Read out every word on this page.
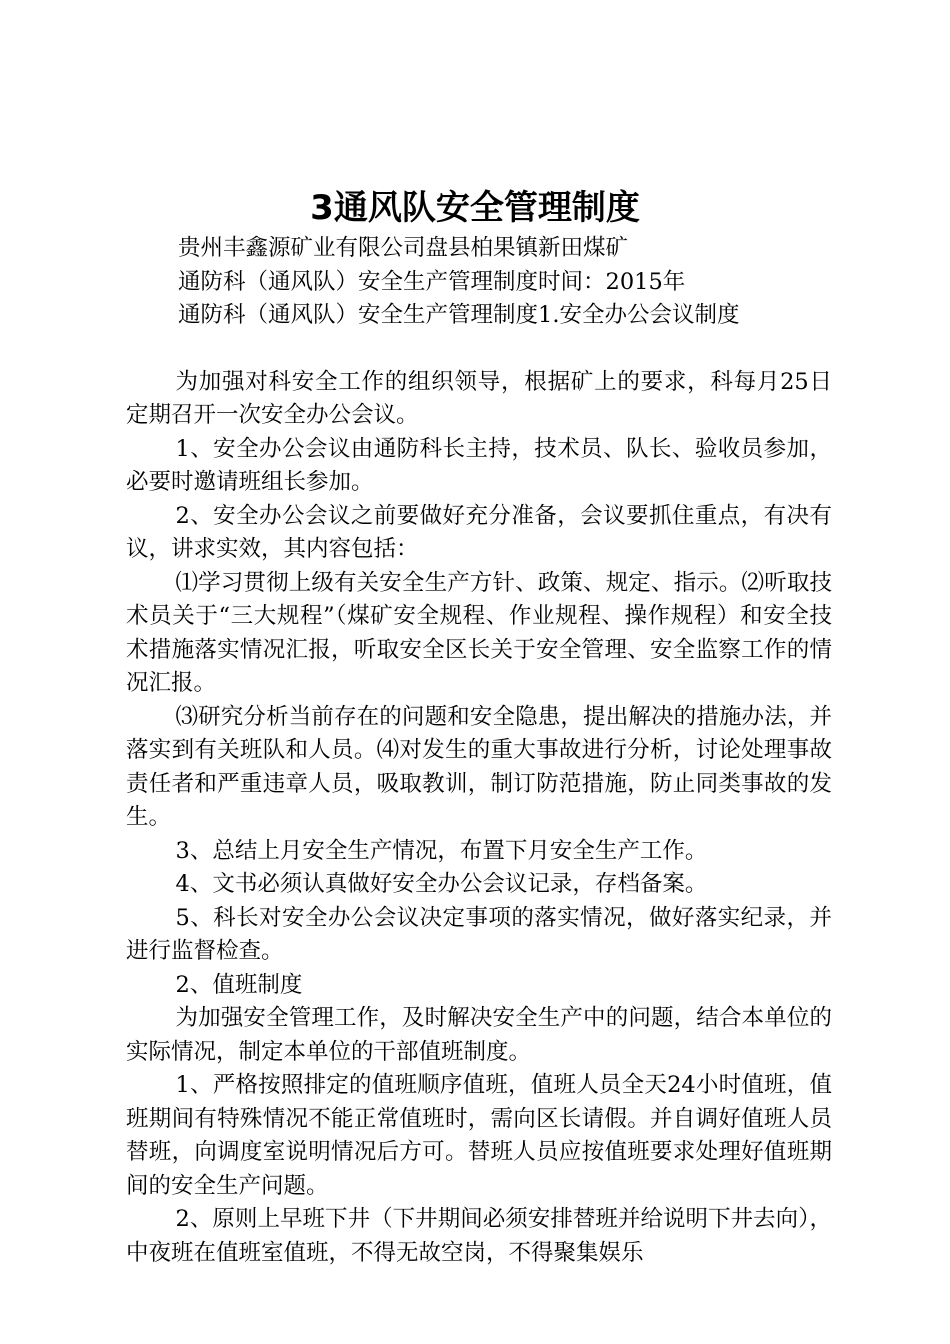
3通风队安全管理制度

贵州丰鑫源矿业有限公司盘县柏果镇新田煤矿

通防科（通风队）安全生产管理制度时间：2015年

通防科（通风队）安全生产管理制度1.安全办公会议制度

为加强对科安全工作的组织领导，根据矿上的要求，科每月25日定期召开一次安全办公会议。

1、安全办公会议由通防科长主持，技术员、队长、验收员参加，必要时邀请班组长参加。

2、安全办公会议之前要做好充分准备，会议要抓住重点，有决有议，讲求实效，其内容包括：

⑴学习贯彻上级有关安全生产方针、政策、规定、指示。⑵听取技术员关于“三大规程”（煤矿安全规程、作业规程、操作规程）和安全技术措施落实情况汇报，听取安全区长关于安全管理、安全监察工作的情况汇报。

⑶研究分析当前存在的问题和安全隐患，提出解决的措施办法，并落实到有关班队和人员。⑷对发生的重大事故进行分析，讨论处理事故责任者和严重违章人员，吸取教训，制订防范措施，防止同类事故的发生。

3、总结上月安全生产情况，布置下月安全生产工作。

4、文书必须认真做好安全办公会议记录，存档备案。

5、科长对安全办公会议决定事项的落实情况，做好落实纪录，并进行监督检查。

2、值班制度

为加强安全管理工作，及时解决安全生产中的问题，结合本单位的实际情况，制定本单位的干部值班制度。

1、严格按照排定的值班顺序值班，值班人员全天24小时值班，值班期间有特殊情况不能正常值班时，需向区长请假。并自调好值班人员替班，向调度室说明情况后方可。替班人员应按值班要求处理好值班期间的安全生产问题。

2、原则上早班下井（下井期间必须安排替班并给说明下井去向），中夜班在值班室值班，不得无故空岗，不得聚集娱乐
